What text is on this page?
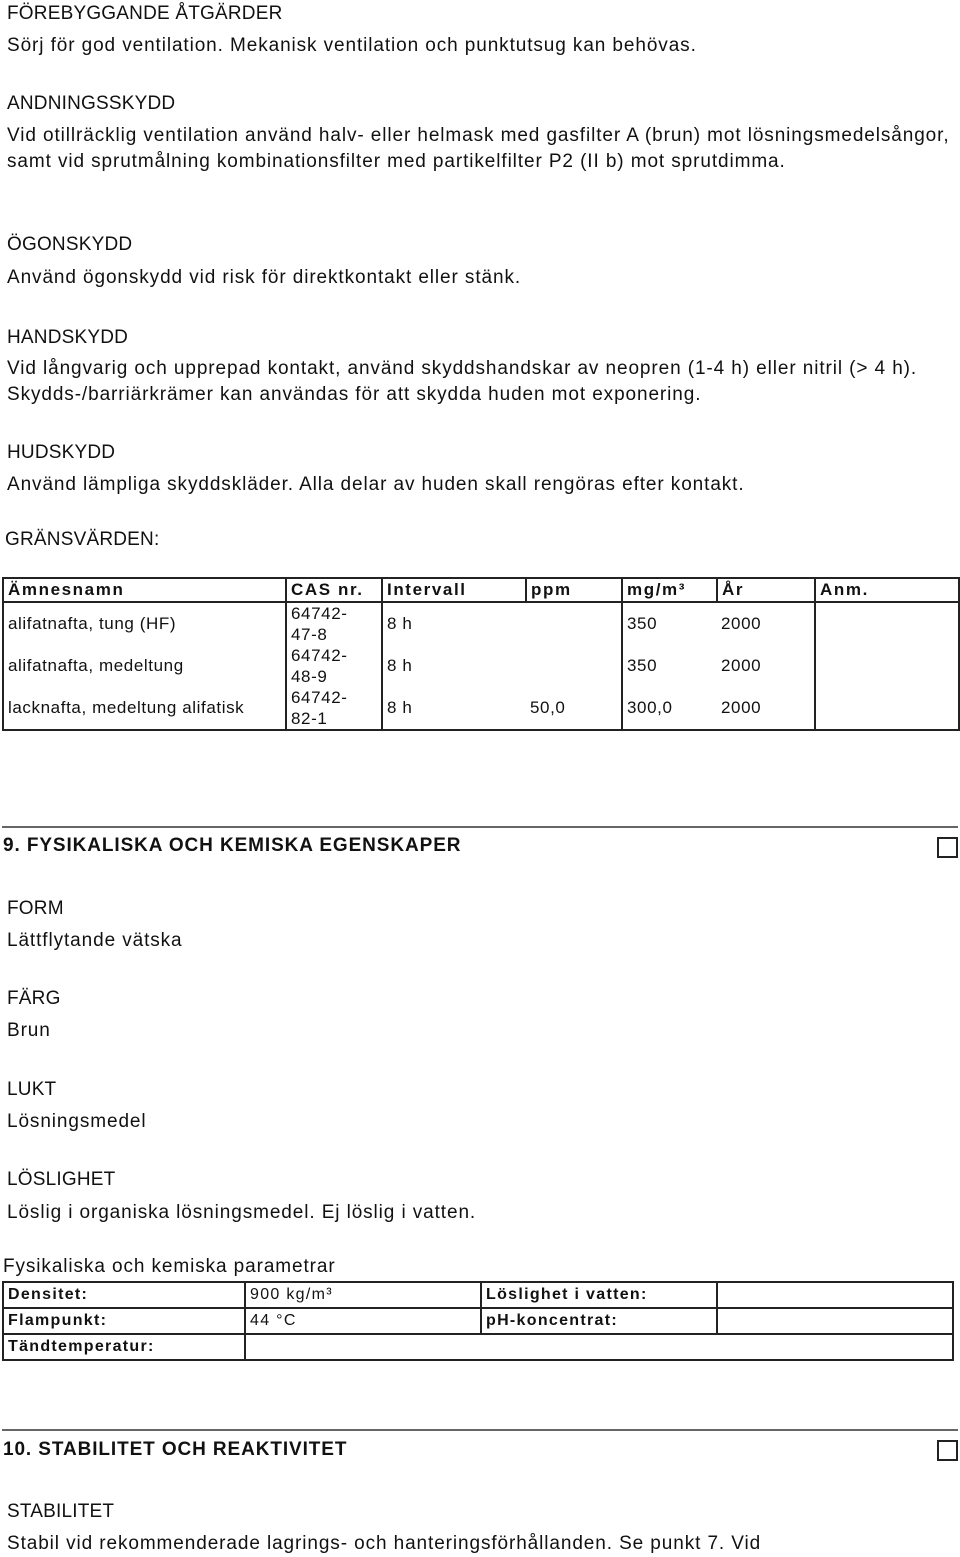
FÖREBYGGANDE ÅTGÄRDER
Sörj för god ventilation. Mekanisk ventilation och punktutsug kan behövas.
ANDNINGSSKYDD
Vid otillräcklig ventilation använd halv- eller helmask med gasfilter A (brun) mot lösningsmedelsångor, samt vid sprutmålning kombinationsfilter med partikelfilter P2 (II b) mot sprutdimma.
ÖGONSKYDD
Använd ögonskydd vid risk för direktkontakt eller stänk.
HANDSKYDD
Vid långvarig och upprepad kontakt, använd skyddshandskar av neopren (1-4 h) eller nitril (> 4 h). Skydds-/barriärkrämer kan användas för att skydda huden mot exponering.
HUDSKYDD
Använd lämpliga skyddskläder. Alla delar av huden skall rengöras efter kontakt.
GRÄNSVÄRDEN:
Ämnesnamn	CAS nr.	Intervall	ppm	mg/m³	År	Anm.
alifatnafta, tung (HF)	64742-
47-8	8 h		350	2000	
alifatnafta, medeltung	64742-
48-9	8 h		350	2000	
lacknafta, medeltung alifatisk	64742-
82-1	8 h	50,0	300,0	2000	
9. FYSIKALISKA OCH KEMISKA EGENSKAPER
FORM
Lättflytande vätska
FÄRG
Brun
LUKT
Lösningsmedel
LÖSLIGHET
Löslig i organiska lösningsmedel. Ej löslig i vatten.
Fysikaliska och kemiska parametrar
Densitet:	900 kg/m³	Löslighet i vatten:	
Flampunkt:	44 °C	pH-koncentrat:	
Tändtemperatur:			
10. STABILITET OCH REAKTIVITET
STABILITET
Stabil vid rekommenderade lagrings- och hanteringsförhållanden. Se punkt 7. Vid
